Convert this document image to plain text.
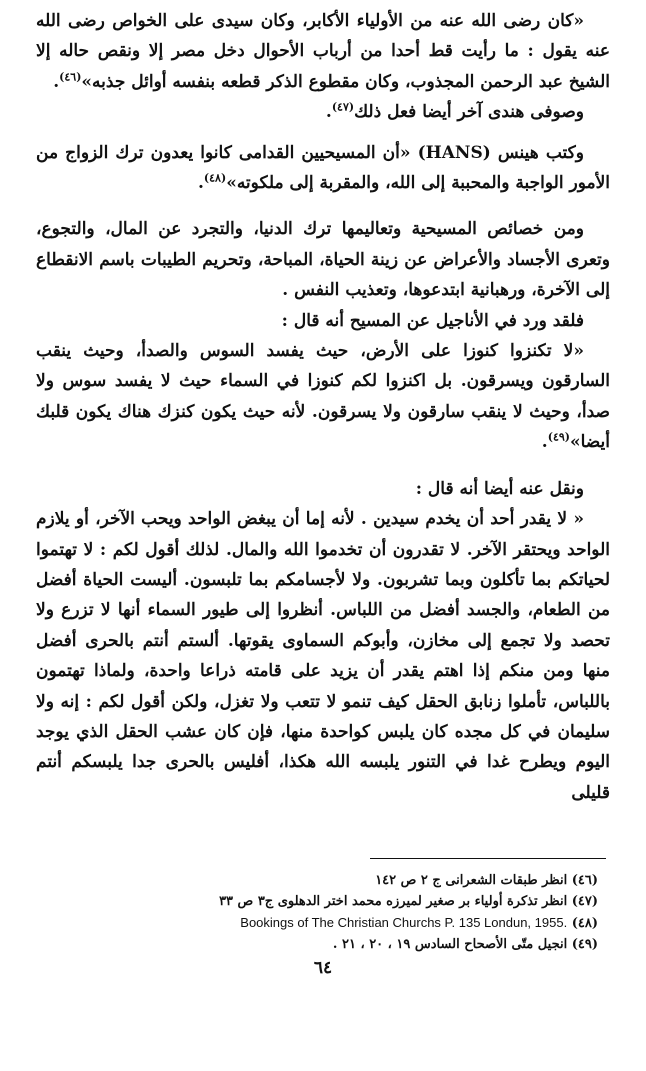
«كان رضى الله عنه من الأولياء الأكابر، وكان سيدى على الخواص رضى الله عنه يقول : ما رأيت قط أحدا من أرباب الأحوال دخل مصر إلا ونقص حاله إلا الشيخ عبد الرحمن المجذوب، وكان مقطوع الذكر قطعه بنفسه أوائل جذبه»$^{(٤٦)}$.

وصوفى هندى آخر أيضا فعل ذلك$^{(٤٧)}$.

وكتب هينس (HANS) «أن المسيحيين القدامى كانوا يعدون ترك الزواج من الأمور الواجبة والمحببة إلى الله، والمقربة إلى ملكوته»$^{(٤٨)}$.

ومن خصائص المسيحية وتعاليمها ترك الدنيا، والتجرد عن المال، والتجوع، وتعرى الأجساد والأعراض عن زينة الحياة، المباحة، وتحريم الطيبات باسم الانقطاع إلى الآخرة، ورهبانية ابتدعوها، وتعذيب النفس .

فلقد ورد في الأناجيل عن المسيح أنه قال :

«لا تكنزوا كنوزا على الأرض، حيث يفسد السوس والصدأ، وحيث ينقب السارقون ويسرقون. بل اكنزوا لكم كنوزا في السماء حيث لا يفسد سوس ولا صدأ، وحيث لا ينقب سارقون ولا يسرقون. لأنه حيث يكون كنزك هناك يكون قلبك أيضا»$^{(٤٩)}$.

ونقل عنه أيضا أنه قال :

« لا يقدر أحد أن يخدم سيدين . لأنه إما أن يبغض الواحد ويحب الآخر، أو يلازم الواحد ويحتقر الآخر. لا تقدرون أن تخدموا الله والمال. لذلك أقول لكم : لا تهتموا لحياتكم بما تأكلون وبما تشربون. ولا لأجسامكم بما تلبسون. أليست الحياة أفضل من الطعام، والجسد أفضل من اللباس. أنظروا إلى طيور السماء أنها لا تزرع ولا تحصد ولا تجمع إلى مخازن، وأبوكم السماوى يقوتها. ألستم أنتم بالحرى أفضل منها ومن منكم إذا اهتم يقدر أن يزيد على قامته ذراعا واحدة، ولماذا تهتمون باللباس، تأملوا زنابق الحقل كيف تنمو لا تتعب ولا تغزل، ولكن أقول لكم : إنه ولا سليمان في كل مجده كان يلبس كواحدة منها، فإن كان عشب الحقل الذي يوجد اليوم ويطرح غدا في التنور يلبسه الله هكذا، أفليس بالحرى جدا يلبسكم أنتم قليلى

(٤٦) انظر طبقات الشعرانى ج ٢ ص ١٤٢

(٤٧) انظر تذكرة أولياء بر صغير لميرزه محمد اختر الدهلوى ج٣ ص ٣٣

(٤٨) Bookings of The Christian Churchs P. 135 Londun, 1955.

(٤٩) انجيل متّى الأصحاح السادس ١٩ ، ٢٠ ، ٢١ .

٦٤
